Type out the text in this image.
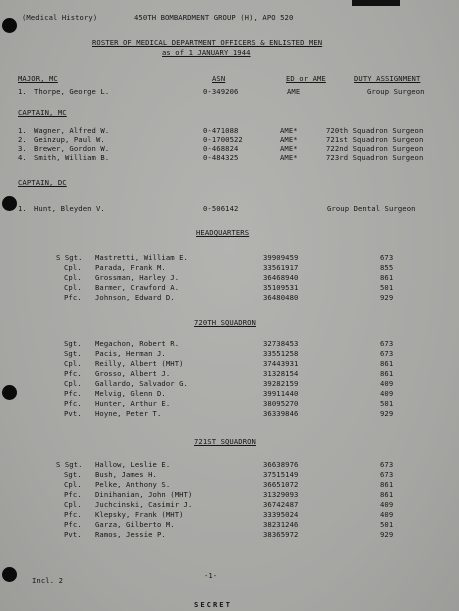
(Medical History)	450TH BOMBARDMENT GROUP (H), APO 520
ROSTER OF MEDICAL DEPARTMENT OFFICERS & ENLISTED MEN
as of 1 JANUARY 1944
MAJOR, MC	ASN	ED or AME	DUTY ASSIGNMENT
1. Thorpe, George L.	0-349206	AME	Group Surgeon
CAPTAIN, MC
1. Wagner, Alfred W.	0-471088	AME*	720th Squadron Surgeon
2. Geinzup, Paul W.	0-1700522	AME*	721st Squadron Surgeon
3. Brewer, Gordon W.	0-468824	AME*	722nd Squadron Surgeon
4. Smith, William B.	0-484325	AME*	723rd Squadron Surgeon
CAPTAIN, DC
1. Hunt, Bleyden V.	0-506142	Group Dental Surgeon
HEADQUARTERS
S Sgt. Mastretti, William E.	39909459	673
Cpl. Parada, Frank M.	33561917	855
Cpl. Grossman, Harley J.	36468940	861
Cpl. Barmer, Crawford A.	35109531	501
Pfc. Johnson, Edward D.	36480480	929
720TH SQUADRON
Sgt. Megachon, Robert R.	32738453	673
Sgt. Pacis, Herman J.	33551258	673
Cpl. Reilly, Albert (MHT)	37443931	861
Pfc. Grosso, Albert J.	31328154	861
Cpl. Gallardo, Salvador G.	39282159	409
Pfc. Melvig, Glenn D.	39911440	409
Pfc. Hunter, Arthur E.	38095270	501
Pvt. Hoyne, Peter T.	36339846	929
721ST SQUADRON
S Sgt. Hallow, Leslie E.	36638976	673
Sgt. Bush, James H.	37515149	673
Cpl. Pelke, Anthony S.	36651072	861
Pfc. Dinihanian, John (MHT)	31329093	861
Cpl. Juchcinski, Casimir J.	36742487	409
Pfc. Klepsky, Frank (MHT)	33395024	409
Pfc. Garza, Gilberto M.	38231246	501
Pvt. Ramos, Jessie P.	38365972	929
Incl. 2
-1-
SECRET
